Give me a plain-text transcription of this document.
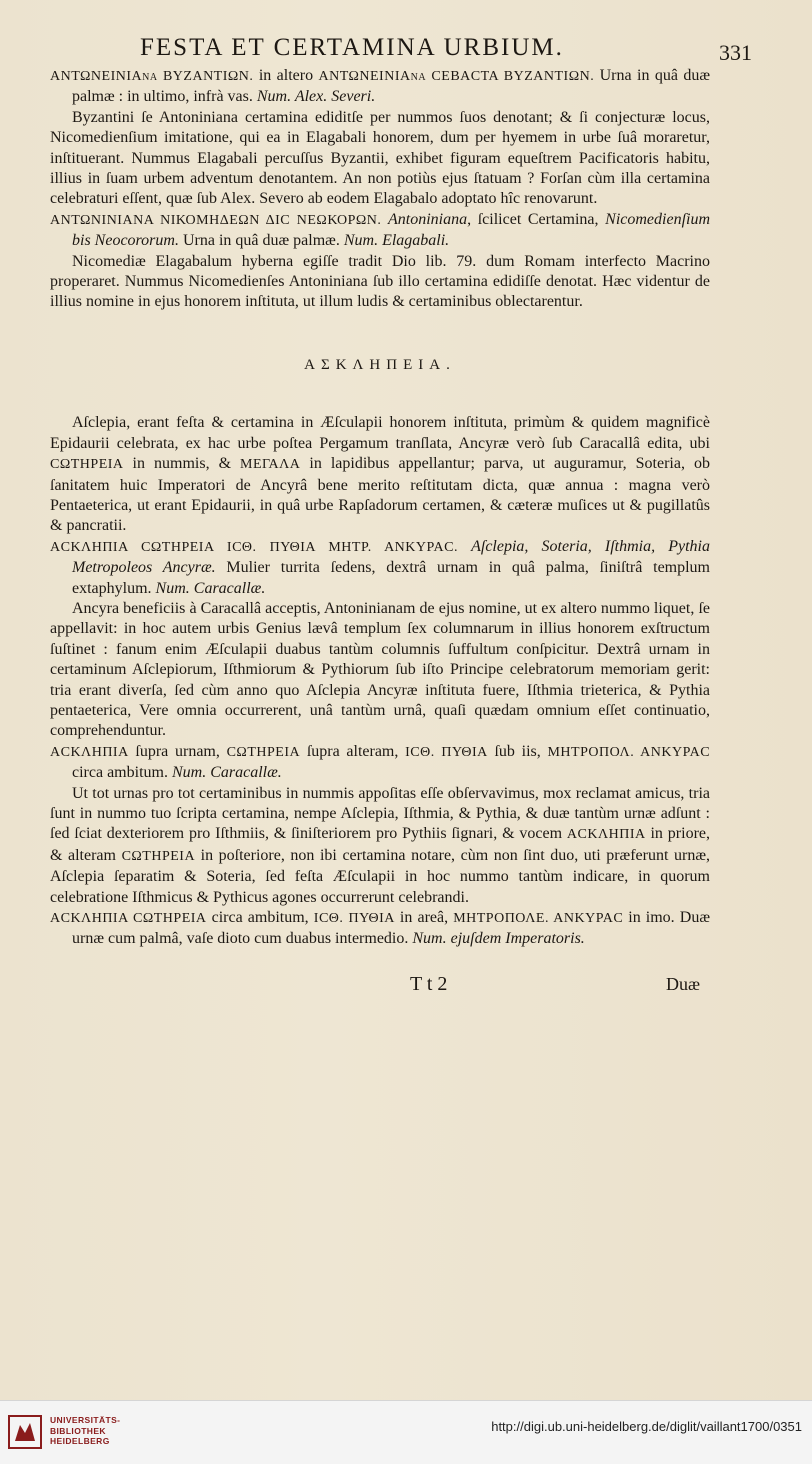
FESTA ET CERTAMINA URBIUM.	331

ΑΝΤΩΝΕΙΝΙΑνα ΒΥΖΑΝΤΙΩΝ. in altero ΑΝΤΩΝΕΙΝΙΑνα ϹΕΒΑϹΤΑ ΒΥΖΑΝΤΙΩΝ. Urna in quâ duæ palmæ : in ultimo, infrà vas. Num. Alex. Severi.

Byzantini ſe Antoniniana certamina ediditſe per nummos ſuos denotant; & ſi conjecturæ locus, Nicomedienſium imitatione, qui ea in Elagabali honorem, dum per hyemem in urbe ſuâ moraretur, inſtituerant. Nummus Elagabali percuſſus Byzantii, exhibet figuram equeſtrem Pacificatoris habitu, illius in ſuam urbem adventum denotantem. An non potiùs ejus ſtatuam ? Forſan cùm illa certamina celebraturi eſſent, quæ ſub Alex. Severo ab eodem Elagabalo adoptato hîc renovarunt.

ΑΝΤΩΝΙΝΙΑΝΑ ΝΙΚΟΜΗΔΕΩΝ ΔΙϹ ΝΕΩΚΟΡΩΝ. Antoniniana, ſcilicet Certamina, Nicomedienſium bis Neocororum. Urna in quâ duæ palmæ. Num. Elagabali.

Nicomediæ Elagabalum hyberna egiſſe tradit Dio lib. 79. dum Romam interfecto Macrino properaret. Nummus Nicomedienſes Antoniniana ſub illo certamina edidiſſe denotat. Hæc videntur de illius nomine in ejus honorem inſtituta, ut illum ludis & certaminibus oblectarentur.

ΑΣΚΛΗΠΕΙΑ.

Aſclepia, erant feſta & certamina in Æſculapii honorem inſtituta, primùm & quidem magnificè Epidaurii celebrata, ex hac urbe poſtea Pergamum tranſlata, Ancyræ verò ſub Caracallâ edita, ubi ϹΩΤΗΡΕΙΑ in nummis, & ΜΕΓΑΛΑ in lapidibus appellantur; parva, ut auguramur, Soteria, ob ſanitatem huic Imperatori de Ancyrâ bene merito reſtitutam dicta, quæ annua : magna verò Pentaeterica, ut erant Epidaurii, in quâ urbe Rapſadorum certamen, & cæteræ muſices ut & pugillatûs & pancratii.

ΑϹΚΛΗΠΙΑ ϹΩΤΗΡΕΙΑ ΙϹΘ. ΠΥΘΙΑ ΜΗΤΡ. ΑΝΚΥΡΑϹ. Aſclepia, Soteria, Iſthmia, Pythia Metropoleos Ancyræ. Mulier turrita ſedens, dextrâ urnam in quâ palma, ſiniſtrâ templum extaphylum. Num. Caracallæ.

Ancyra beneficiis à Caracallâ acceptis, Antoninianam de ejus nomine, ut ex altero nummo liquet, ſe appellavit: in hoc autem urbis Genius lævâ templum ſex columnarum in illius honorem exſtructum ſuſtinet : fanum enim Æſculapii duabus tantùm columnis ſuffultum conſpicitur. Dextrâ urnam in certaminum Aſclepiorum, Iſthmiorum & Pythiorum ſub iſto Principe celebratorum memoriam gerit: tria erant diverſa, ſed cùm anno quo Aſclepia Ancyræ inſtituta fuere, Iſthmia trieterica, & Pythia pentaeterica, Vere omnia occurrerent, unâ tantùm urnâ, quaſi quædam omnium eſſet continuatio, comprehenduntur.

ΑϹΚΛΗΠΙΑ ſupra urnam, ϹΩΤΗΡΕΙΑ ſupra alteram, ΙϹΘ. ΠΥΘΙΑ ſub iis, ΜΗΤΡΟΠΟΛ. ΑΝΚΥΡΑϹ circa ambitum. Num. Caracallæ.

Ut tot urnas pro tot certaminibus in nummis appoſitas eſſe obſervavimus, mox reclamat amicus, tria ſunt in nummo tuo ſcripta certamina, nempe Aſclepia, Iſthmia, & Pythia, & duæ tantùm urnæ adſunt : ſed ſciat dexteriorem pro Iſthmiis, & ſiniſteriorem pro Pythiis ſignari, & vocem ΑϹΚΛΗΠΙΑ in priore, & alteram ϹΩΤΗΡΕΙΑ in poſteriore, non ibi certamina notare, cùm non ſint duo, uti præferunt urnæ, Aſclepia ſeparatim & Soteria, ſed feſta Æſculapii in hoc nummo tantùm indicare, in quorum celebratione Iſthmicus & Pythicus agones occurrerunt celebrandi.

ΑϹΚΛΗΠΙΑ ϹΩΤΗΡΕΙΑ circa ambitum, ΙϹΘ. ΠΥΘΙΑ in areâ, ΜΗΤΡΟΠΟΛΕ. ΑΝΚΥΡΑϹ in imo. Duæ urnæ cum palmâ, vaſe dioto cum duabus intermedio. Num. ejuſdem Imperatoris.

T t 2	Duæ
UNIVERSITÄTS-
BIBLIOTHEK
HEIDELBERG
http://digi.ub.uni-heidelberg.de/diglit/vaillant1700/0351
